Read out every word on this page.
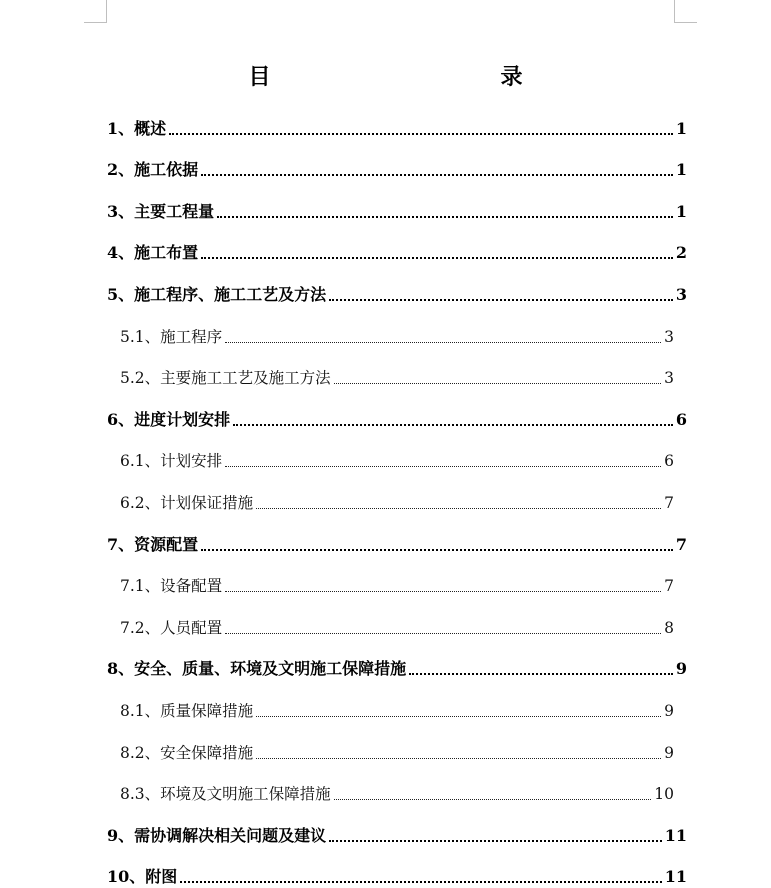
目　　录
1、概述	1
2、施工依据	1
3、主要工程量	1
4、施工布置	2
5、施工程序、施工工艺及方法	3
5.1、施工程序	3
5.2、主要施工工艺及施工方法	3
6、进度计划安排	6
6.1、计划安排	6
6.2、计划保证措施	7
7、资源配置	7
7.1、设备配置	7
7.2、人员配置	8
8、安全、质量、环境及文明施工保障措施	9
8.1、质量保障措施	9
8.2、安全保障措施	9
8.3、环境及文明施工保障措施	10
9、需协调解决相关问题及建议	11
10、附图	11
